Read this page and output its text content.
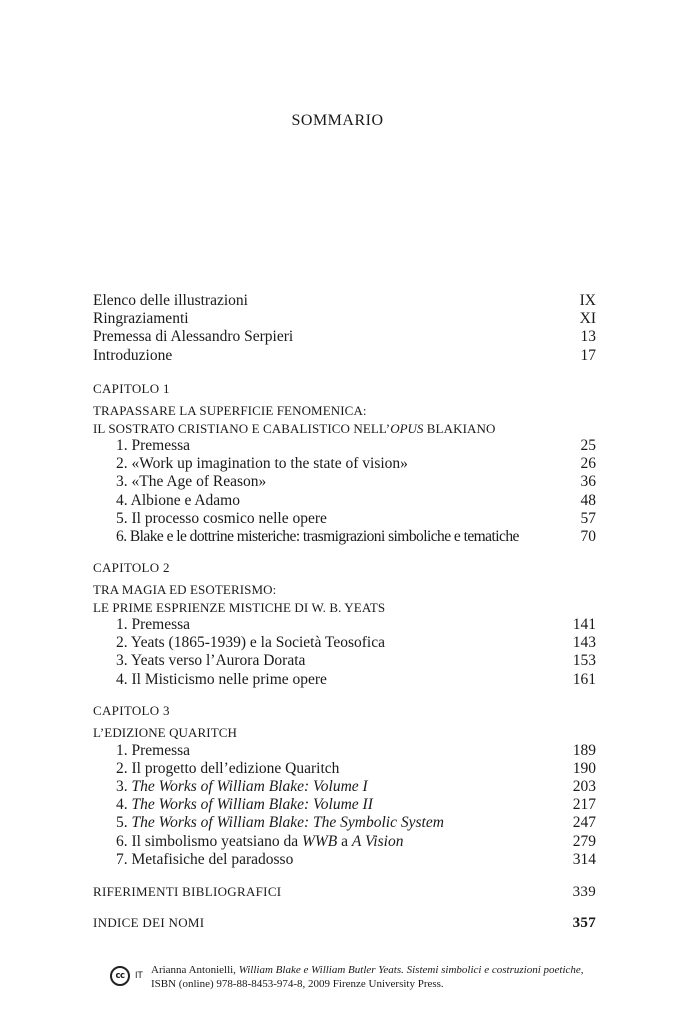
SOMMARIO
Elenco delle illustrazioni	IX
Ringraziamenti	XI
Premessa di Alessandro Serpieri	13
Introduzione	17
CAPITOLO 1
TRAPASSARE LA SUPERFICIE FENOMENICA:
IL SOSTRATO CRISTIANO E CABALISTICO NELL’OPUS BLAKIANO
1. Premessa	25
2. «Work up imagination to the state of vision»	26
3. «The Age of Reason»	36
4. Albione e Adamo	48
5. Il processo cosmico nelle opere	57
6. Blake e le dottrine misteriche: trasmigrazioni simboliche e tematiche	70
CAPITOLO 2
TRA MAGIA ED ESOTERISMO:
LE PRIME ESPRIENZE MISTICHE DI W. B. YEATS
1. Premessa	141
2. Yeats (1865-1939) e la Società Teosofica	143
3. Yeats verso l’Aurora Dorata	153
4. Il Misticismo nelle prime opere	161
CAPITOLO 3
L’EDIZIONE QUARITCH
1. Premessa	189
2. Il progetto dell’edizione Quaritch	190
3. The Works of William Blake: Volume I	203
4. The Works of William Blake: Volume II	217
5. The Works of William Blake: The Symbolic System	247
6. Il simbolismo yeatsiano da WWB a A Vision	279
7. Metafisiche del paradosso	314
RIFERIMENTI BIBLIOGRAFICI	339
INDICE DEI NOMI	357
cc	IT Arianna Antonielli, William Blake e William Butler Yeats. Sistemi simbolici e costruzioni poetiche, ISBN (online) 978-88-8453-974-8, 2009 Firenze University Press.
